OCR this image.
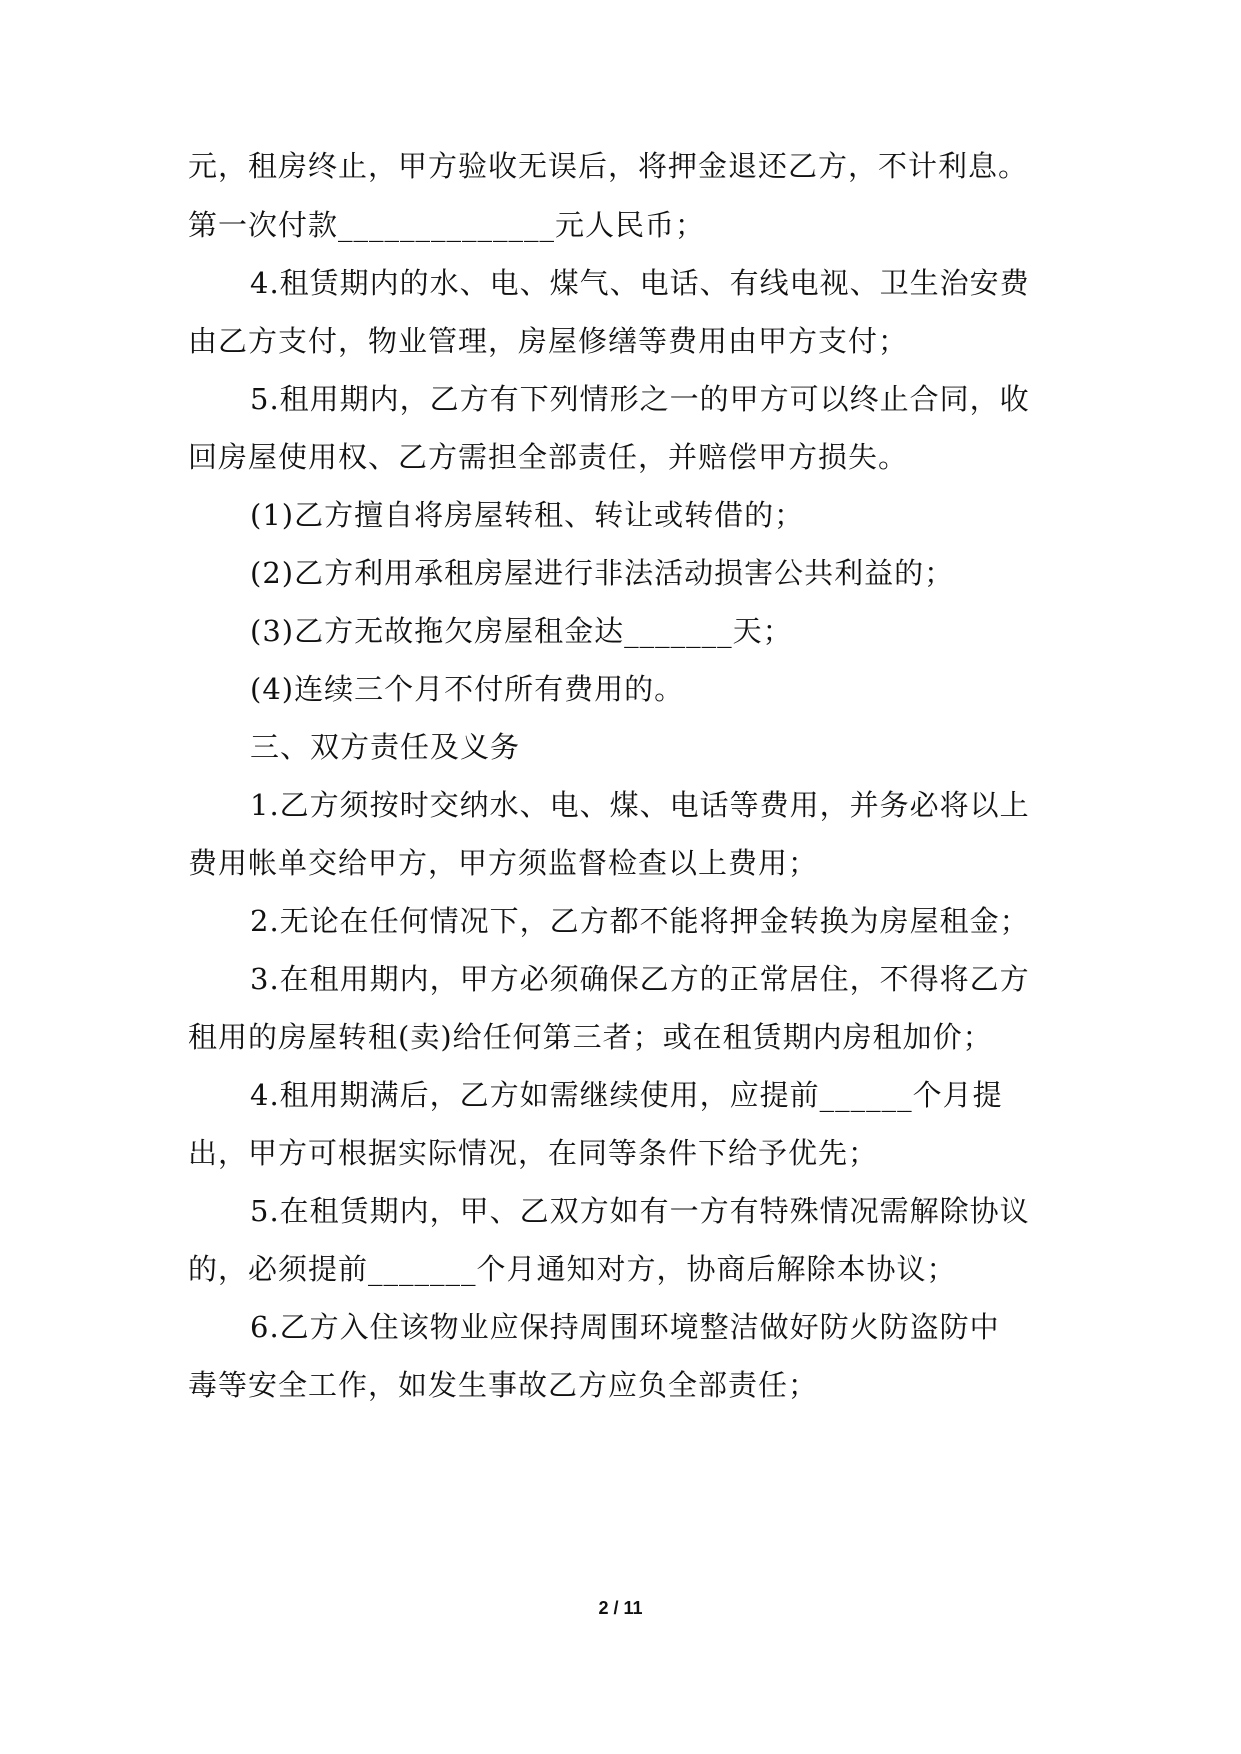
元，租房终止，甲方验收无误后，将押金退还乙方，不计利息。
第一次付款______________元人民币；
4.租赁期内的水、电、煤气、电话、有线电视、卫生治安费
由乙方支付，物业管理，房屋修缮等费用由甲方支付；
5.租用期内，乙方有下列情形之一的甲方可以终止合同，收
回房屋使用权、乙方需担全部责任，并赔偿甲方损失。
(1)乙方擅自将房屋转租、转让或转借的；
(2)乙方利用承租房屋进行非法活动损害公共利益的；
(3)乙方无故拖欠房屋租金达_______天；
(4)连续三个月不付所有费用的。
三、双方责任及义务
1.乙方须按时交纳水、电、煤、电话等费用，并务必将以上
费用帐单交给甲方，甲方须监督检查以上费用；
2.无论在任何情况下，乙方都不能将押金转换为房屋租金；
3.在租用期内，甲方必须确保乙方的正常居住，不得将乙方
租用的房屋转租(卖)给任何第三者；或在租赁期内房租加价；
4.租用期满后，乙方如需继续使用，应提前______个月提
出，甲方可根据实际情况，在同等条件下给予优先；
5.在租赁期内，甲、乙双方如有一方有特殊情况需解除协议
的，必须提前_______个月通知对方，协商后解除本协议；
6.乙方入住该物业应保持周围环境整洁做好防火防盗防中
毒等安全工作，如发生事故乙方应负全部责任；
2 / 11
